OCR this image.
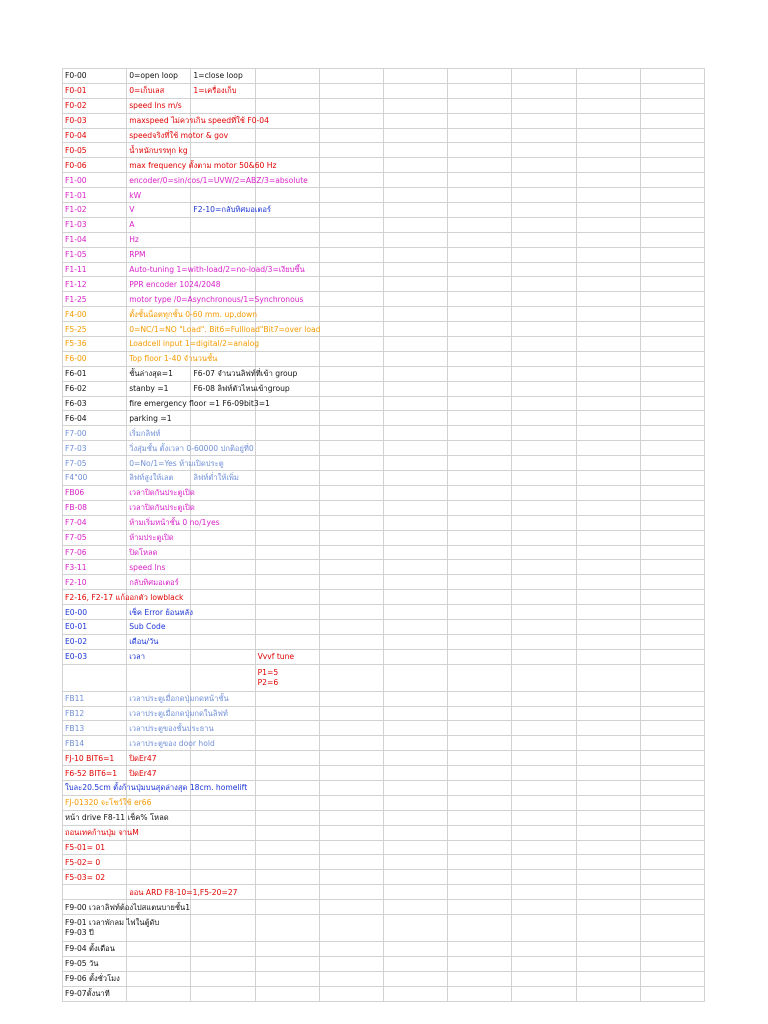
F0-00	0=open loop	1=close loop							

F0-01	0=เก็บเลส	1=เครื่องเก็บ							

F0-02	speed lns m/s								

F0-03	maxspeed ไม่ควรเกิน speedที่ใช้ F0-04								

F0-04	speedจริงที่ใช้ motor & gov								

F0-05	น้ำหนักบรรทุก kg								

F0-06	max frequency ตั้งตาม motor 50&60 Hz								

F1-00	encoder/0=sin/cos/1=UVW/2=ABZ/3=absolute								

F1-01	kW								

F1-02	V	F2-10=กลับทิศมอเตอร์							

F1-03	A								

F1-04	Hz								

F1-05	RPM								

F1-11	Auto-tuning 1=with-load/2=no-load/3=เงียบซึ้น								

F1-12	PPR encoder 1024/2048								

F1-25	motor type /0=Asynchronous/1=Synchronous								

F4-00	ตั้งชั้นน็อตทุกชั้น 0-60 mm. up,down								

F5-25	0=NC/1=NO "Load". Bit6=Fullload"Bit7=over load								

F5-36	Loadcell input 1=digital/2=analog								

F6-00	Top floor 1-40 จำนวนชั้น								

F6-01	ชั้นล่างสุด=1	F6-07 จำนวนลิฟท์ที่เข้า group							

F6-02	stanby =1	F6-08 ลิฟท์ตัวไหนเข้าgroup							

F6-03	fire emergency floor =1 F6-09bit3=1								

F6-04	parking =1								

F7-00	เริ่มกลิฟท์								

F7-03	วิ่งสุ่มชั้น ตั้งเวลา 0-60000 ปกติอยู่ที่0								

F7-05	0=No/1=Yes ห้ามเปิดประตู								

F4"00	ลิฟท์สูงให้เลต	ลิฟท์ต่ำให้เพิ่ม							

FB06	เวลาปิดกันประตูเปิด								

FB-08	เวลาปิดกันประตูเปิด								

F7-04	ห้ามเริ่มหน้าชั้น 0 no/1yes								

F7-05	ห้ามประตูเปิด								

F7-06	ปิดโหลด								

F3-11	speed lns								

F2-10	กลับทิศมอเตอร์								

F2-16, F2-17 แก้ออกตัว lowblack									

E0-00	เช็ค Error ย้อนหลัง								

E0-01	Sub Code								

E0-02	เดือน/วัน								

E0-03	เวลา		Vvvf tune						

			P1=5
P2=6						

FB11	เวลาประตูเมื่อกดปุ่มกดหน้าชั้น								

FB12	เวลาประตูเมื่อกดปุ่มกดในลิฟท์								

FB13	เวลาประตูของชั้นประธาน								

FB14	เวลาประตูของ door hold								

FJ-10 BIT6=1	ปิดEr47								

F6-52 BIT6=1	ปิดEr47								

ใบละ20.5cm ตั้งก้านปุ่มบนสุดล่างสุด 18cm. homelift									

FJ-01320 จะโชว์ใช้ er66									

หน้า drive F8-11 เช็ค% โหลด									

ถอนเทคก้านปุ่ม จานM									

F5-01= 01									

F5-02= 0									

F5-03= 02									

	ออน ARD F8-10=1,F5-20=27								

F9-00 เวลาลิฟท์ต้องไปสแตนบายชั้น1									

F9-01 เวลาพักลม ไฟในตู้ดับ
F9-03 ปี									

F9-04 ตั้งเดือน									

F9-05 วัน									

F9-06 ตั้งชั่วโมง									

F9-07ตั้งนาที									
